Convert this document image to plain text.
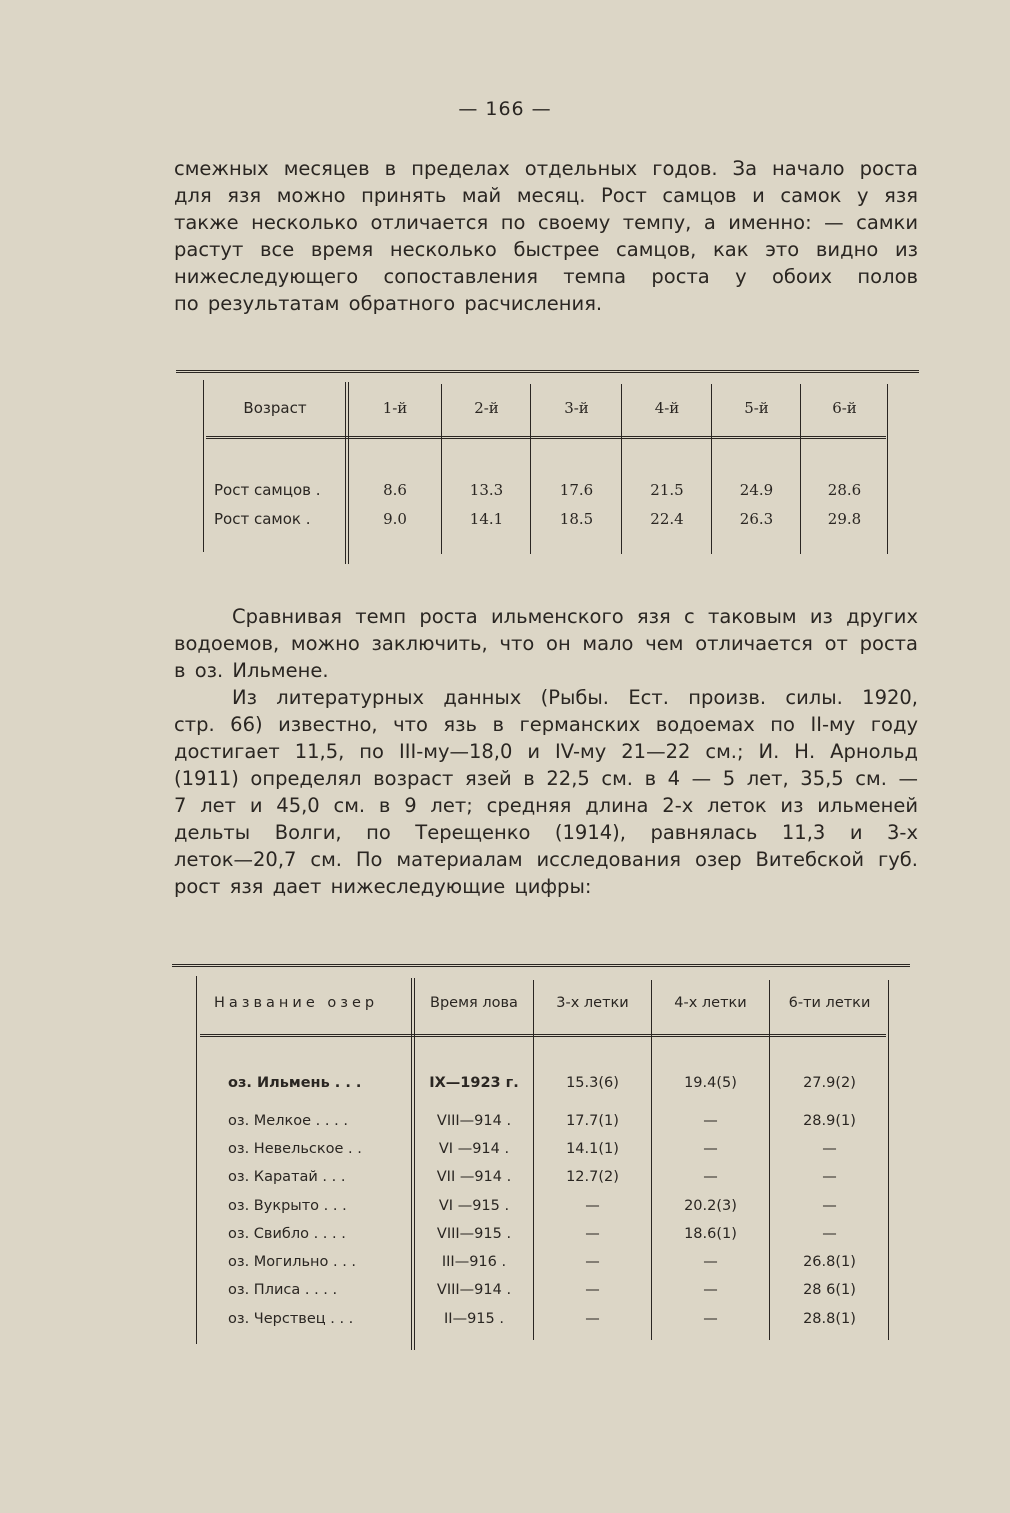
— 166 —
смежных месяцев в пределах отдельных годов. За начало роста
для язя можно принять май месяц. Рост самцов и самок у язя
также несколько отличается по своему темпу, а именно: — самки
растут все время несколько быстрее самцов, как это видно из
нижеследующего сопоставления темпа роста у обоих полов
по результатам обратного расчисления.
Возраст	1-й	2-й	3-й	4-й	5-й	6-й
Рост самцов .	8.6	13.3	17.6	21.5	24.9	28.6
Рост самок .	9.0	14.1	18.5	22.4	26.3	29.8
Сравнивая темп роста ильменского язя с таковым из других
водоемов, можно заключить, что он мало чем отличается от роста
в оз. Ильмене.
Из литературных данных (Рыбы. Ест. произв. силы. 1920,
стр. 66) известно, что язь в германских водоемах по II-му году
достигает 11,5, по III-му—18,0 и IV-му 21—22 см.; И. Н. Арнольд
(1911) определял возраст язей в 22,5 см. в 4 — 5 лет, 35,5 см. —
7 лет и 45,0 см. в 9 лет; средняя длина 2-х леток из ильменей
дельты Волги, по Терещенко (1914), равнялась 11,3 и 3-х
леток—20,7 см. По материалам исследования озер Витебской губ.
рост язя дает нижеследующие цифры:
Название озер	Время лова	3-х летки	4-х летки	6-ти летки
оз. Ильмень . . .	IX—1923 г.	15.3(6)	19.4(5)	27.9(2)
оз. Мелкое . . . .	VIII—914 .	17.7(1)	—	28.9(1)
оз. Невельское . .	VI —914 .	14.1(1)	—	—
оз. Каратай . . .	VII —914 .	12.7(2)	—	—
оз. Вукрыто . . .	VI —915 .	—	20.2(3)	—
оз. Свибло . . . .	VIII—915 .	—	18.6(1)	—
оз. Могильно . . .	III—916 .	—	—	26.8(1)
оз. Плиса . . . .	VIII—914 .	—	—	28 6(1)
оз. Черствец . . .	II—915 .	—	—	28.8(1)
